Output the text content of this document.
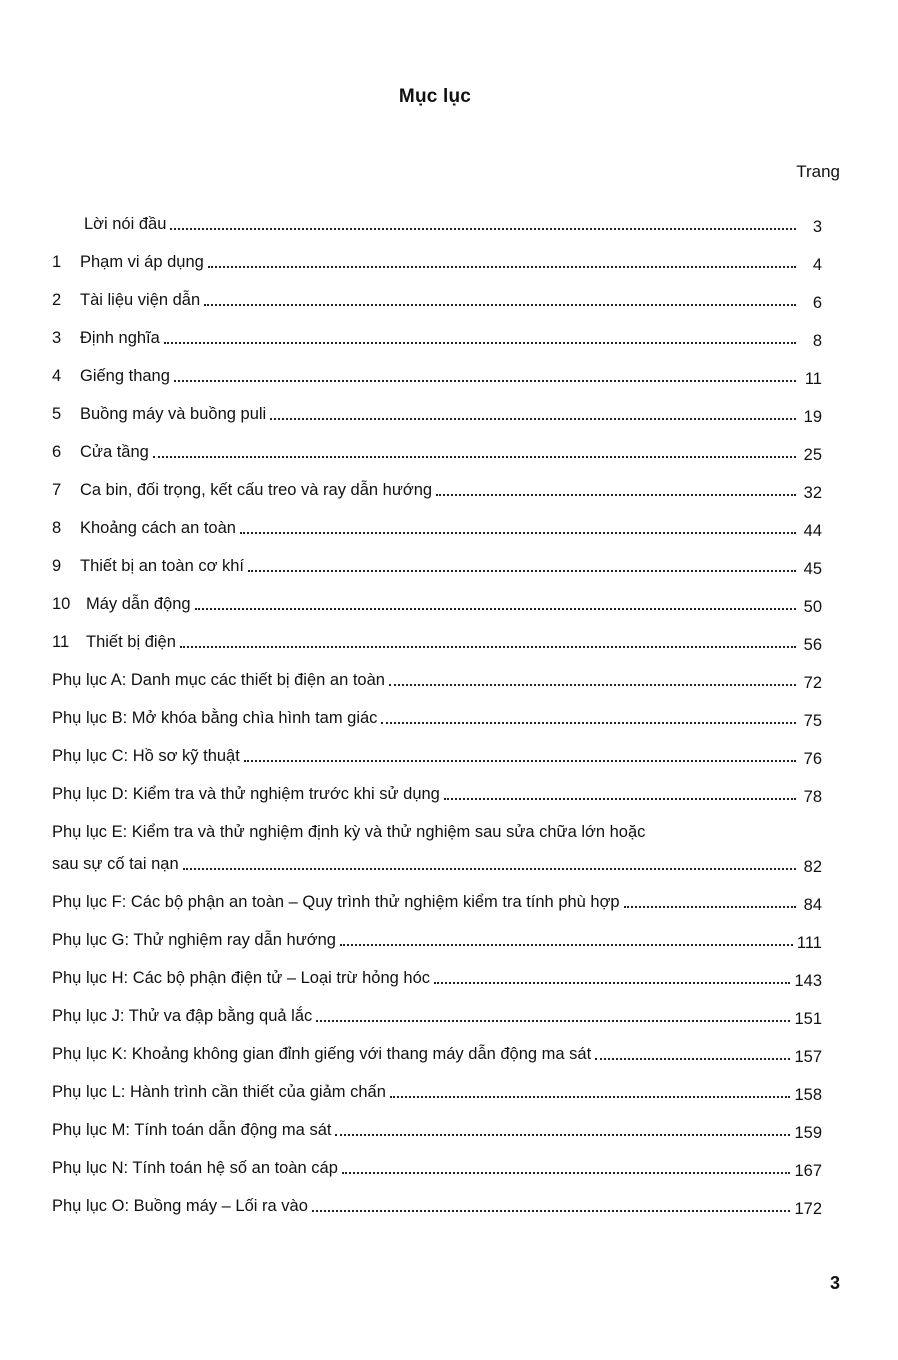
Mục lục
Trang
Lời nói đầu	3
1	Phạm vi áp dụng	4
2	Tài liệu viện dẫn	6
3	Định nghĩa	8
4	Giếng thang	11
5	Buồng máy và buồng puli	19
6	Cửa tầng	25
7	Ca bin, đối trọng, kết cấu treo và ray dẫn hướng	32
8	Khoảng cách an toàn	44
9	Thiết bị an toàn cơ khí	45
10 Máy dẫn động	50
11	Thiết bị điện	56
Phụ lục A: Danh mục các thiết bị điện an toàn	72
Phụ lục B: Mở khóa bằng chìa hình tam giác	75
Phụ lục C: Hồ sơ kỹ thuật	76
Phụ lục D: Kiểm tra và thử nghiệm trước khi sử dụng	78
Phụ lục E: Kiểm tra và thử nghiệm định kỳ và thử nghiệm sau sửa chữa lớn hoặc
sau sự cố tai nạn	82
Phụ lục F: Các bộ phận an toàn – Quy trình thử nghiệm kiểm tra tính phù hợp	84
Phụ lục G: Thử nghiệm ray dẫn hướng	111
Phụ lục H: Các bộ phận điện tử – Loại trừ hỏng hóc	143
Phụ lục J: Thử va đập bằng quả lắc	151
Phụ lục K: Khoảng không gian đỉnh giếng với thang máy dẫn động ma sát	157
Phụ lục L: Hành trình cần thiết của giảm chấn	158
Phụ lục M: Tính toán dẫn động ma sát	159
Phụ lục N: Tính toán hệ số an toàn cáp	167
Phụ lục O: Buồng máy – Lối ra vào	172
3
